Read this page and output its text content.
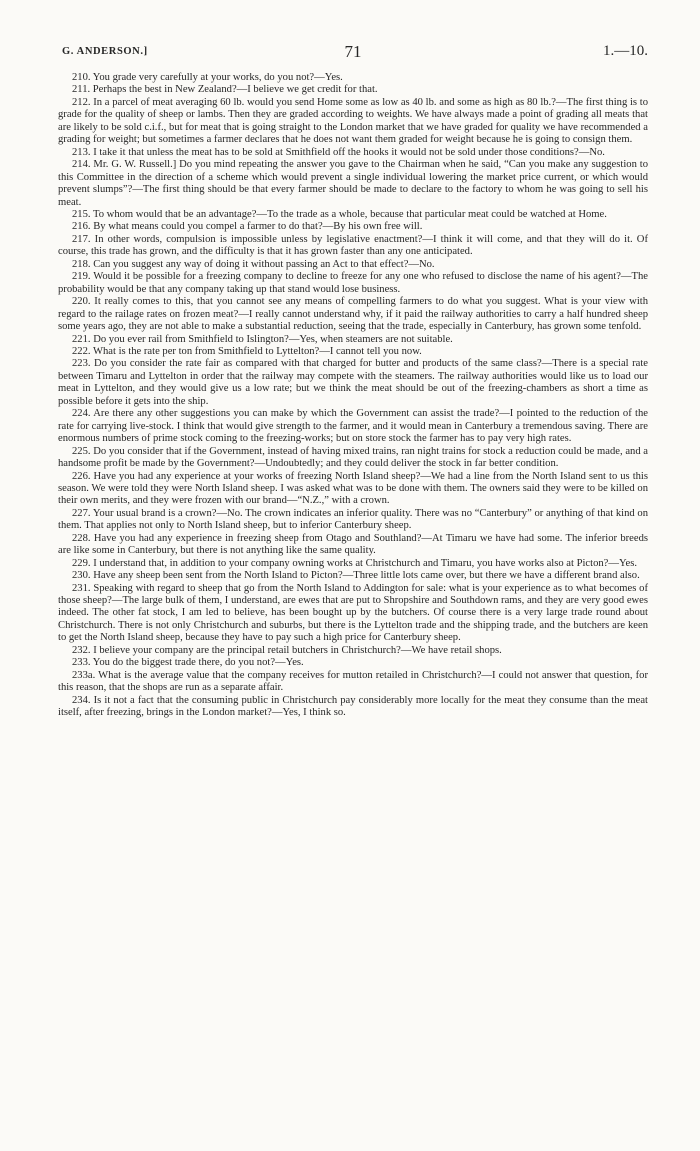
G. ANDERSON.]	71	1.—10.

210. You grade very carefully at your works, do you not?—Yes.

211. Perhaps the best in New Zealand?—I believe we get credit for that.

212. In a parcel of meat averaging 60 lb. would you send Home some as low as 40 lb. and some as high as 80 lb.?—The first thing is to grade for the quality of sheep or lambs. Then they are graded according to weights. We have always made a point of grading all meats that are likely to be sold c.i.f., but for meat that is going straight to the London market that we have graded for quality we have recommended a grading for weight; but sometimes a farmer declares that he does not want them graded for weight because he is going to consign them.

213. I take it that unless the meat has to be sold at Smithfield off the hooks it would not be sold under those conditions?—No.

214. Mr. G. W. Russell.] Do you mind repeating the answer you gave to the Chairman when he said, “Can you make any suggestion to this Committee in the direction of a scheme which would prevent a single individual lowering the market price current, or which would prevent slumps”?—The first thing should be that every farmer should be made to declare to the factory to whom he was going to sell his meat.

215. To whom would that be an advantage?—To the trade as a whole, because that particular meat could be watched at Home.

216. By what means could you compel a farmer to do that?—By his own free will.

217. In other words, compulsion is impossible unless by legislative enactment?—I think it will come, and that they will do it. Of course, this trade has grown, and the difficulty is that it has grown faster than any one anticipated.

218. Can you suggest any way of doing it without passing an Act to that effect?—No.

219. Would it be possible for a freezing company to decline to freeze for any one who refused to disclose the name of his agent?—The probability would be that any company taking up that stand would lose business.

220. It really comes to this, that you cannot see any means of compelling farmers to do what you suggest. What is your view with regard to the railage rates on frozen meat?—I really cannot understand why, if it paid the railway authorities to carry a half hundred sheep some years ago, they are not able to make a substantial reduction, seeing that the trade, especially in Canterbury, has grown some tenfold.

221. Do you ever rail from Smithfield to Islington?—Yes, when steamers are not suitable.

222. What is the rate per ton from Smithfield to Lyttelton?—I cannot tell you now.

223. Do you consider the rate fair as compared with that charged for butter and products of the same class?—There is a special rate between Timaru and Lyttelton in order that the railway may compete with the steamers. The railway authorities would like us to load our meat in Lyttelton, and they would give us a low rate; but we think the meat should be out of the freezing-chambers as short a time as possible before it gets into the ship.

224. Are there any other suggestions you can make by which the Government can assist the trade?—I pointed to the reduction of the rate for carrying live-stock. I think that would give strength to the farmer, and it would mean in Canterbury a tremendous saving. There are enormous numbers of prime stock coming to the freezing-works; but on store stock the farmer has to pay very high rates.

225. Do you consider that if the Government, instead of having mixed trains, ran night trains for stock a reduction could be made, and a handsome profit be made by the Government?—Undoubtedly; and they could deliver the stock in far better condition.

226. Have you had any experience at your works of freezing North Island sheep?—We had a line from the North Island sent to us this season. We were told they were North Island sheep. I was asked what was to be done with them. The owners said they were to be killed on their own merits, and they were frozen with our brand—“N.Z.,” with a crown.

227. Your usual brand is a crown?—No. The crown indicates an inferior quality. There was no “Canterbury” or anything of that kind on them. That applies not only to North Island sheep, but to inferior Canterbury sheep.

228. Have you had any experience in freezing sheep from Otago and Southland?—At Timaru we have had some. The inferior breeds are like some in Canterbury, but there is not anything like the same quality.

229. I understand that, in addition to your company owning works at Christchurch and Timaru, you have works also at Picton?—Yes.

230. Have any sheep been sent from the North Island to Picton?—Three little lots came over, but there we have a different brand also.

231. Speaking with regard to sheep that go from the North Island to Addington for sale: what is your experience as to what becomes of those sheep?—The large bulk of them, I understand, are ewes that are put to Shropshire and Southdown rams, and they are very good ewes indeed. The other fat stock, I am led to believe, has been bought up by the butchers. Of course there is a very large trade round about Christchurch. There is not only Christchurch and suburbs, but there is the Lyttelton trade and the shipping trade, and the butchers are keen to get the North Island sheep, because they have to pay such a high price for Canterbury sheep.

232. I believe your company are the principal retail butchers in Christchurch?—We have retail shops.

233. You do the biggest trade there, do you not?—Yes.

233a. What is the average value that the company receives for mutton retailed in Christchurch?—I could not answer that question, for this reason, that the shops are run as a separate affair.

234. Is it not a fact that the consuming public in Christchurch pay considerably more locally for the meat they consume than the meat itself, after freezing, brings in the London market?—Yes, I think so.
